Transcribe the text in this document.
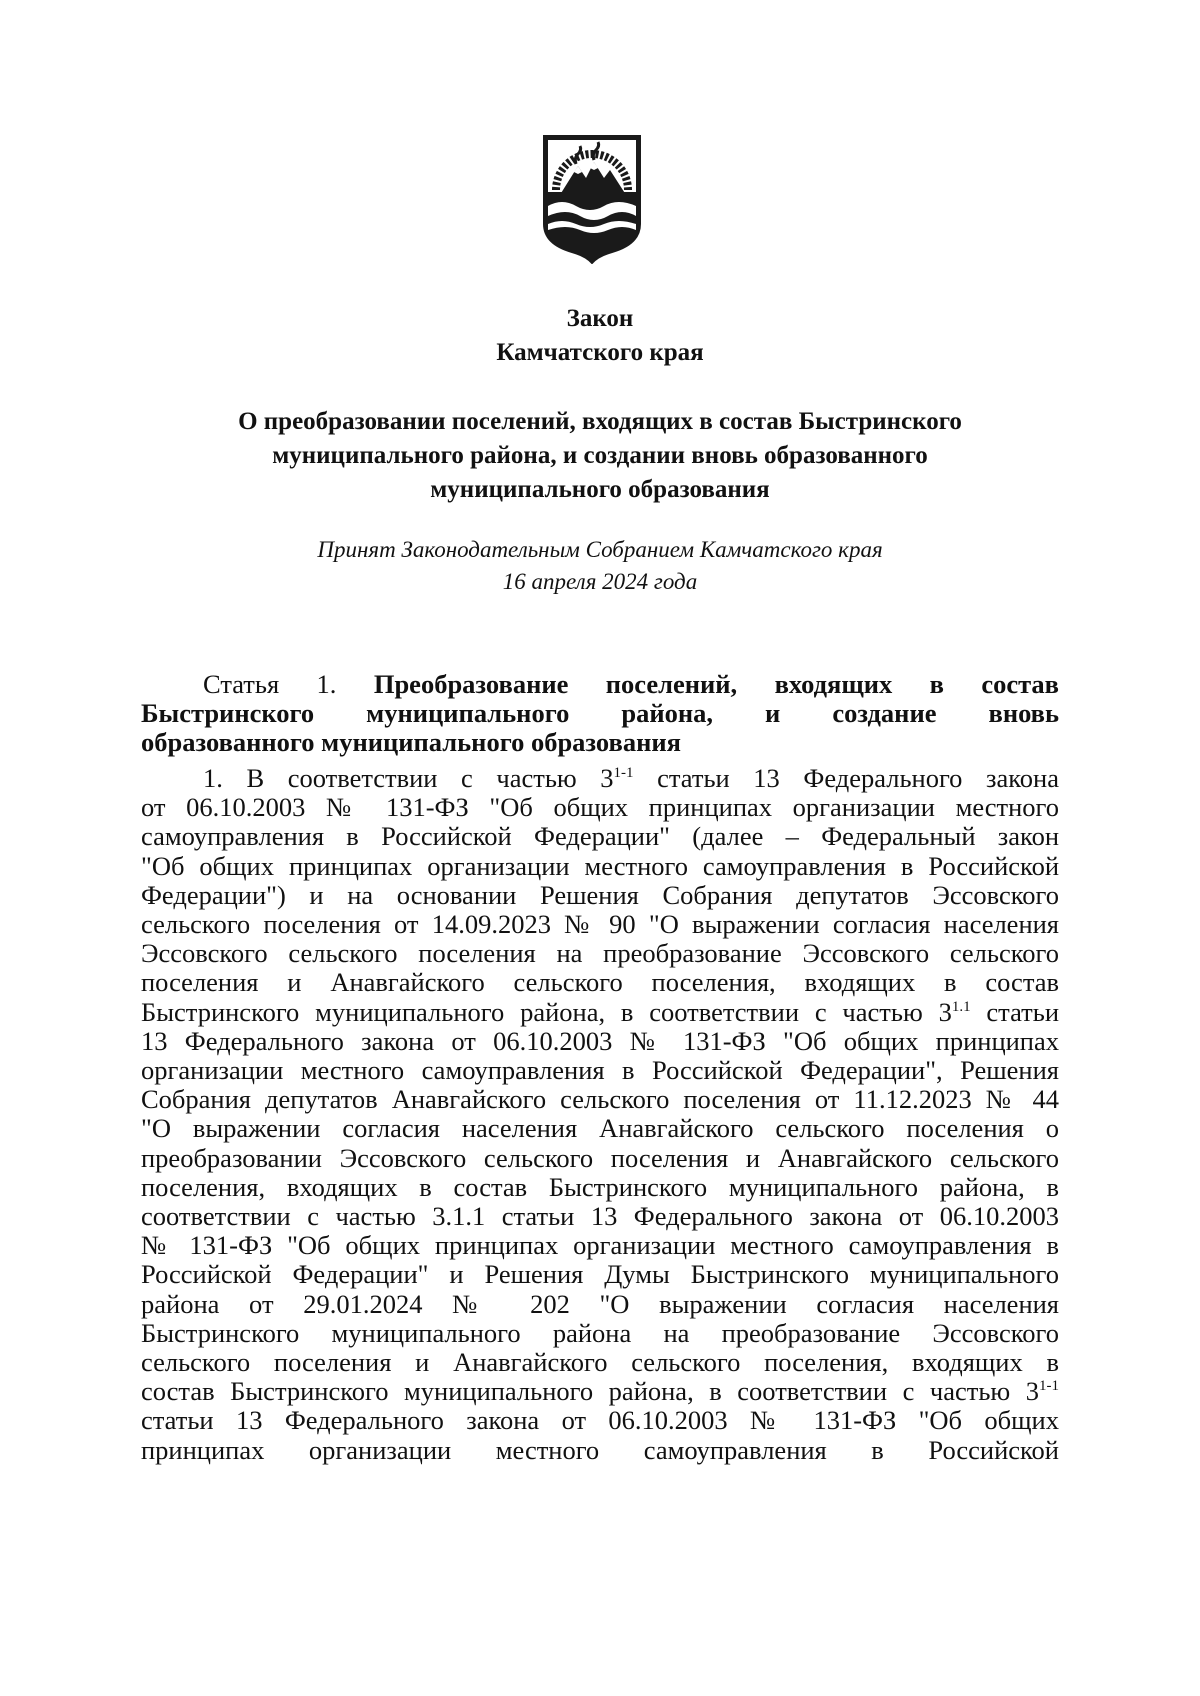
Закон
Камчатского края
О преобразовании поселений, входящих в состав Быстринского
муниципального района, и создании вновь образованного
муниципального образования
Принят Законодательным Собранием Камчатского края
16 апреля 2024 года
Статья 1. Преобразование поселений, входящих в состав
Быстринского муниципального района, и создание вновь
образованного муниципального образования
1. В соответствии с частью 3$^{1-1}$ статьи 13 Федерального закона
от 06.10.2003 № 131-ФЗ "Об общих принципах организации местного
самоуправления в Российской Федерации" (далее – Федеральный закон
"Об общих принципах организации местного самоуправления в Российской
Федерации") и на основании Решения Собрания депутатов Эссовского
сельского поселения от 14.09.2023 № 90 "О выражении согласия населения
Эссовского сельского поселения на преобразование Эссовского сельского
поселения и Анавгайского сельского поселения, входящих в состав
Быстринского муниципального района, в соответствии с частью $3^{1.1}$ статьи
13 Федерального закона от 06.10.2003 № 131-ФЗ "Об общих принципах
организации местного самоуправления в Российской Федерации", Решения
Собрания депутатов Анавгайского сельского поселения от 11.12.2023 № 44
"О выражении согласия населения Анавгайского сельского поселения о
преобразовании Эссовского сельского поселения и Анавгайского сельского
поселения, входящих в состав Быстринского муниципального района, в
соответствии с частью 3.1.1 статьи 13 Федерального закона от 06.10.2003
№ 131-ФЗ "Об общих принципах организации местного самоуправления в
Российской Федерации" и Решения Думы Быстринского муниципального
района от 29.01.2024 № 202 "О выражении согласия населения
Быстринского муниципального района на преобразование Эссовского
сельского поселения и Анавгайского сельского поселения, входящих в
состав Быстринского муниципального района, в соответствии с частью 3$^{1-1}$
статьи 13 Федерального закона от 06.10.2003 № 131-ФЗ "Об общих
принципах организации местного самоуправления в Российской
